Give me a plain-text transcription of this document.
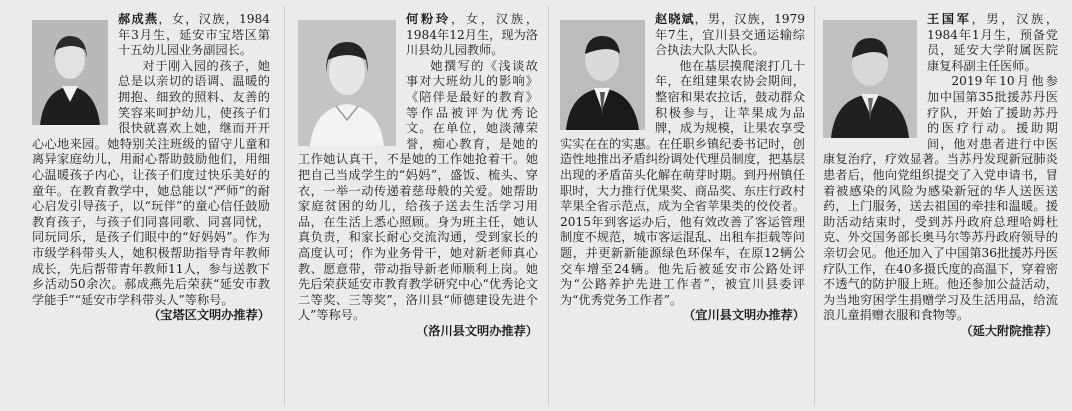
郝成燕，女，汉族，1984年3月生，延安市宝塔区第十五幼儿园业务副园长。

对于刚入园的孩子，她总是以亲切的语调、温暖的拥抱、细致的照料、友善的笑容来呵护幼儿，使孩子们很快就喜欢上她，继而开开心心地来园。她特别关注班级的留守儿童和离异家庭幼儿，用耐心帮助鼓励他们，用细心温暖孩子内心，让孩子们度过快乐美好的童年。在教育教学中，她总能以“严师”的耐心启发引导孩子，以“玩伴”的童心信任鼓励教育孩子，与孩子们同喜同歌、同喜同忧，同玩同乐，是孩子们眼中的“好妈妈”。作为市级学科带头人，她积极帮助指导青年教师成长，先后帮带青年教师11人，参与送教下乡活动50余次。郝成燕先后荣获“延安市教学能手”“延安市学科带头人”等称号。

（宝塔区文明办推荐）

何粉玲，女，汉族，1984年12月生，现为洛川县幼儿园教师。

她撰写的《浅谈故事对大班幼儿的影响》《陪伴是最好的教育》等作品被评为优秀论文。在单位，她淡薄荣誉，痴心教育，是她的工作她认真干，不是她的工作她抢着干。她把自己当成学生的“妈妈”，盛饭、梳头、穿衣，一举一动传递着慈母般的关爱。她帮助家庭贫困的幼儿，给孩子送去生活学习用品，在生活上悉心照顾。身为班主任，她认真负责，和家长耐心交流沟通，受到家长的高度认可；作为业务骨干，她对新老师真心教、愿意带，带动指导新老师顺利上岗。她先后荣获延安市教育教学研究中心“优秀论文二等奖、三等奖”，洛川县“师德建设先进个人”等称号。

（洛川县文明办推荐）

赵晓斌，男，汉族，1979年7生，宜川县交通运输综合执法大队大队长。

他在基层摸爬滚打几十年，在组建果农协会期间，整宿和果农拉话，鼓动群众积极参与，让苹果成为品牌，成为规模，让果农享受实实在在的实惠。在任职乡镇纪委书记时，创造性地推出矛盾纠纷调处代理员制度，把基层出现的矛盾苗头化解在萌芽时期。到丹州镇任职时，大力推行优果奖、商品奖、东庄行政村苹果全省示范点，成为全省苹果类的佼佼者。2015年到客运办后，他有效改善了客运管理制度不规范，城市客运混乱、出租车拒载等问题，并更新新能源绿色环保车，在原12辆公交车增至24辆。他先后被延安市公路处评为“公路养护先进工作者”，被宜川县委评为“优秀党务工作者”。

（宜川县文明办推荐）

王国军，男，汉族，1984年1月生，预备党员，延安大学附属医院康复科副主任医师。

2019年10月他参加中国第35批援苏丹医疗队，开始了援助苏丹的医疗行动。援助期间，他对患者进行中医康复治疗，疗效显著。当苏丹发现新冠肺炎患者后，他向党组织提交了入党申请书，冒着被感染的风险为感染新冠的华人送医送药，上门服务，送去祖国的牵挂和温暖。援助活动结束时，受到苏丹政府总理哈姆杜克、外交国务部长奥马尔等苏丹政府领导的亲切会见。他还加入了中国第36批援苏丹医疗队工作，在40多摄氏度的高温下，穿着密不透气的防护服上班。他还参加公益活动，为当地穷困学生捐赠学习及生活用品，给流浪儿童捐赠衣服和食物等。

（延大附院推荐）
